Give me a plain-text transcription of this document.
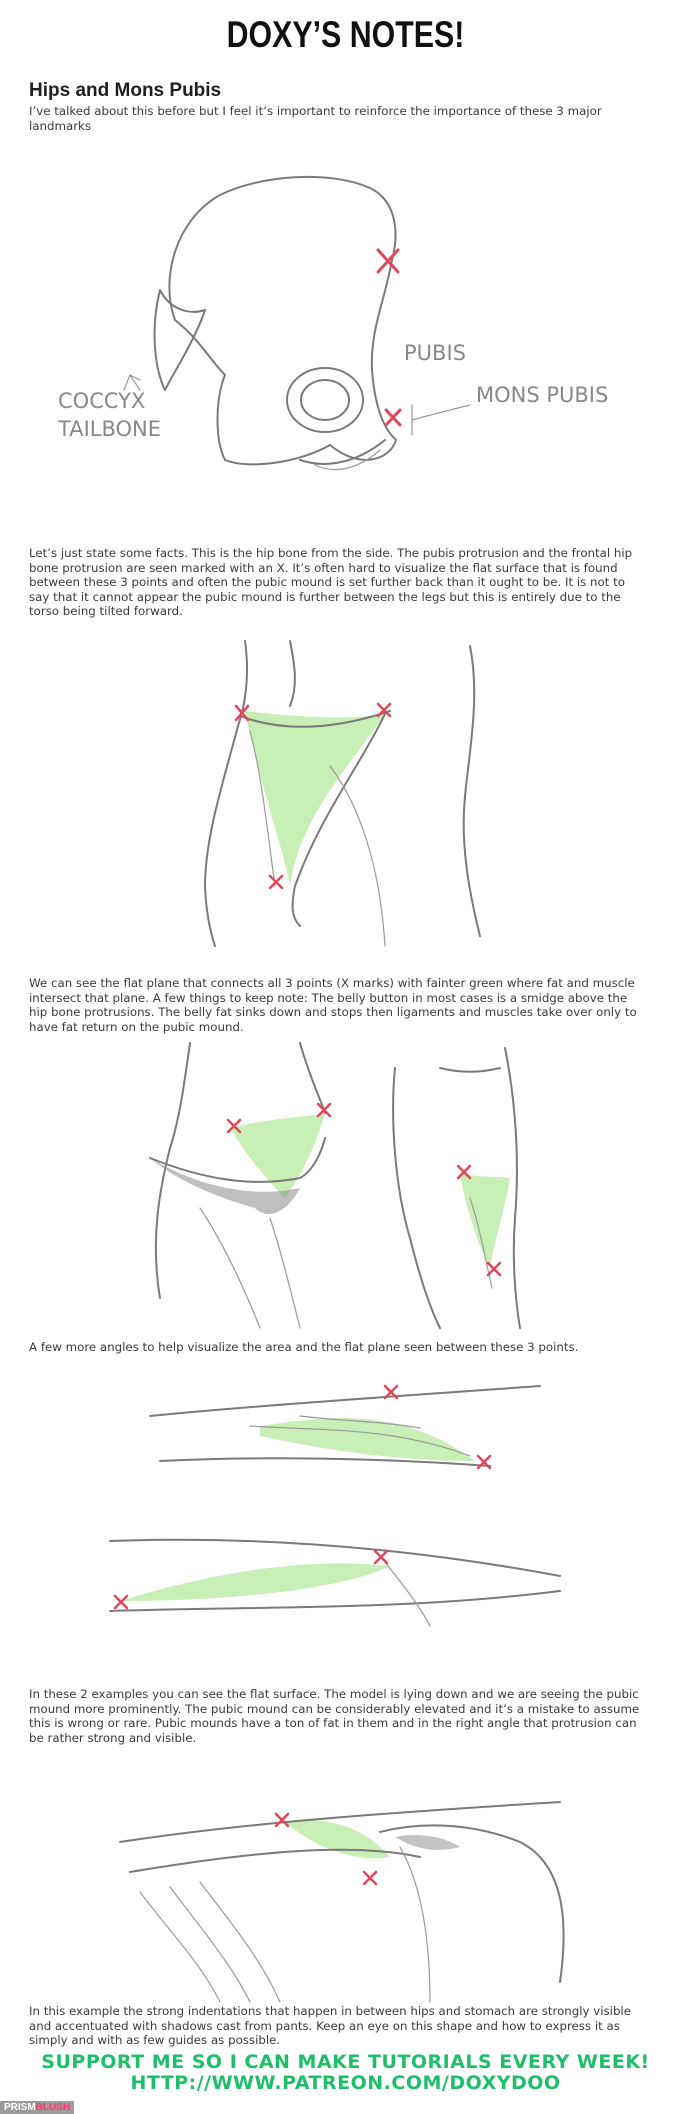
DOXY’S NOTES!
Hips and Mons Pubis
I’ve talked about this before but I feel it’s important to reinforce the importance of these 3 major landmarks
PUBIS
MONS PUBIS
COCCYX
TAILBONE
Let’s just state some facts. This is the hip bone from the side. The pubis protrusion and the frontal hip bone protrusion are seen marked with an X. It’s often hard to visualize the flat surface that is found between these 3 points and often the pubic mound is set further back than it ought to be. It is not to say that it cannot appear the pubic mound is further between the legs but this is entirely due to the torso being tilted forward.
We can see the flat plane that connects all 3 points (X marks) with fainter green where fat and muscle intersect that plane. A few things to keep note: The belly button in most cases is a smidge above the hip bone protrusions. The belly fat sinks down and stops then ligaments and muscles take over only to have fat return on the pubic mound.
A few more angles to help visualize the area and the flat plane seen between these 3 points.
In these 2 examples you can see the flat surface. The model is lying down and we are seeing the pubic mound more prominently. The pubic mound can be considerably elevated and it’s a mistake to assume this is wrong or rare. Pubic mounds have a ton of fat in them and in the right angle that protrusion can be rather strong and visible.
In this example the strong indentations that happen in between hips and stomach are strongly visible and accentuated with shadows cast from pants. Keep an eye on this shape and how to express it as simply and with as few guides as possible.
SUPPORT ME SO I CAN MAKE TUTORIALS EVERY WEEK!
HTTP://WWW.PATREON.COM/DOXYDOO
PRISMBLUSH
